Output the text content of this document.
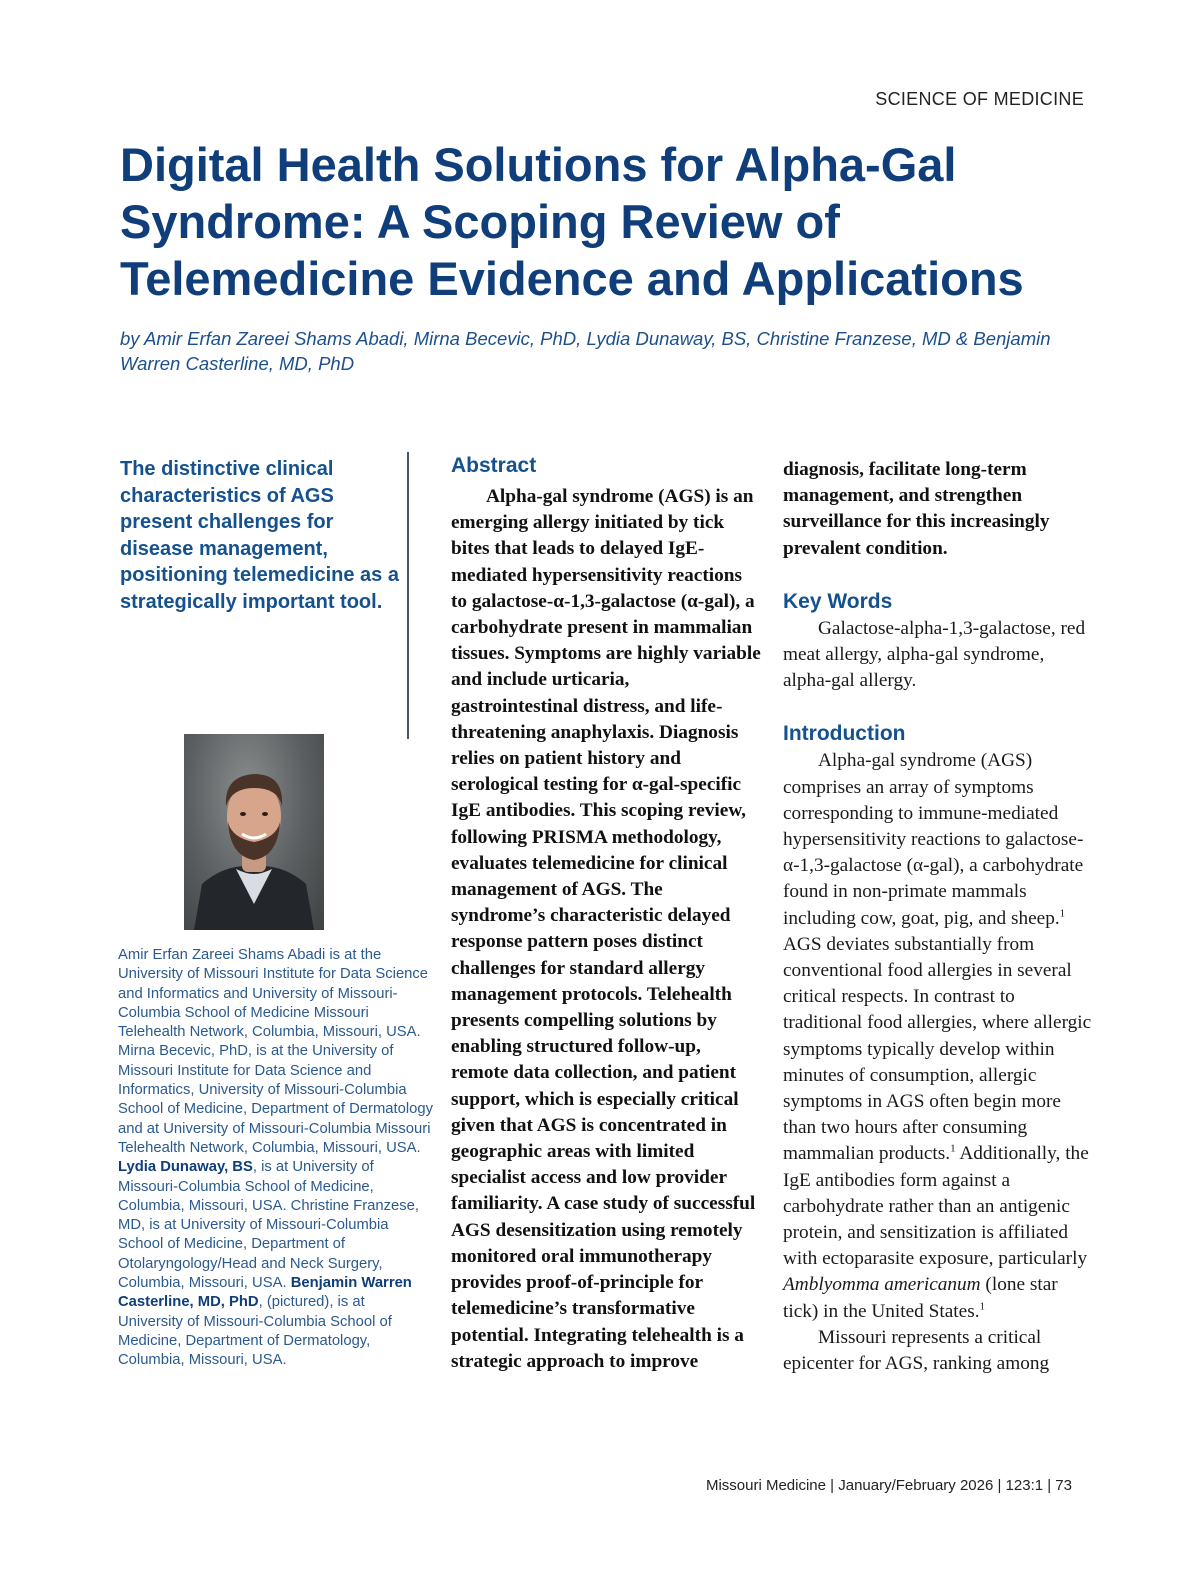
SCIENCE OF MEDICINE
Digital Health Solutions for Alpha-Gal Syndrome: A Scoping Review of Telemedicine Evidence and Applications
by Amir Erfan Zareei Shams Abadi, Mirna Becevic, PhD, Lydia Dunaway, BS, Christine Franzese, MD & Benjamin Warren Casterline, MD, PhD
The distinctive clinical characteristics of AGS present challenges for disease management, positioning telemedicine as a strategically important tool.
Amir Erfan Zareei Shams Abadi is at the University of Missouri Institute for Data Science and Informatics and University of Missouri-Columbia School of Medicine Missouri Telehealth Network, Columbia, Missouri, USA. Mirna Becevic, PhD, is at the University of Missouri Institute for Data Science and Informatics, University of Missouri-Columbia School of Medicine, Department of Dermatology and at University of Missouri-Columbia Missouri Telehealth Network, Columbia, Missouri, USA. Lydia Dunaway, BS, is at University of Missouri-Columbia School of Medicine, Columbia, Missouri, USA. Christine Franzese, MD, is at University of Missouri-Columbia School of Medicine, Department of Otolaryngology/Head and Neck Surgery, Columbia, Missouri, USA. Benjamin Warren Casterline, MD, PhD, (pictured), is at University of Missouri-Columbia School of Medicine, Department of Dermatology, Columbia, Missouri, USA.
Abstract

Alpha-gal syndrome (AGS) is an emerging allergy initiated by tick bites that leads to delayed IgE-mediated hypersensitivity reactions to galactose-α-1,3-galactose (α-gal), a carbohydrate present in mammalian tissues. Symptoms are highly variable and include urticaria, gastrointestinal distress, and life-threatening anaphylaxis. Diagnosis relies on patient history and serological testing for α-gal-specific IgE antibodies. This scoping review, following PRISMA methodology, evaluates telemedicine for clinical management of AGS. The syndrome’s characteristic delayed response pattern poses distinct challenges for standard allergy management protocols. Telehealth presents compelling solutions by enabling structured follow-up, remote data collection, and patient support, which is especially critical given that AGS is concentrated in geographic areas with limited specialist access and low provider familiarity. A case study of successful AGS desensitization using remotely monitored oral immunotherapy provides proof-of-principle for telemedicine’s transformative potential. Integrating telehealth is a strategic approach to improve

diagnosis, facilitate long-term management, and strengthen surveillance for this increasingly prevalent condition.

Key Words

Galactose-alpha-1,3-galactose, red meat allergy, alpha-gal syndrome, alpha-gal allergy.

Introduction

Alpha-gal syndrome (AGS) comprises an array of symptoms corresponding to immune-mediated hypersensitivity reactions to galactose-α-1,3-galactose (α-gal), a carbohydrate found in non-primate mammals including cow, goat, pig, and sheep.$^1$ AGS deviates substantially from conventional food allergies in several critical respects. In contrast to traditional food allergies, where allergic symptoms typically develop within minutes of consumption, allergic symptoms in AGS often begin more than two hours after consuming mammalian products.$^1$ Additionally, the IgE antibodies form against a carbohydrate rather than an antigenic protein, and sensitization is affiliated with ectoparasite exposure, particularly Amblyomma americanum (lone star tick) in the United States.$^1$

Missouri represents a critical epicenter for AGS, ranking among

Missouri Medicine | January/February 2026 | 123:1 | 73
